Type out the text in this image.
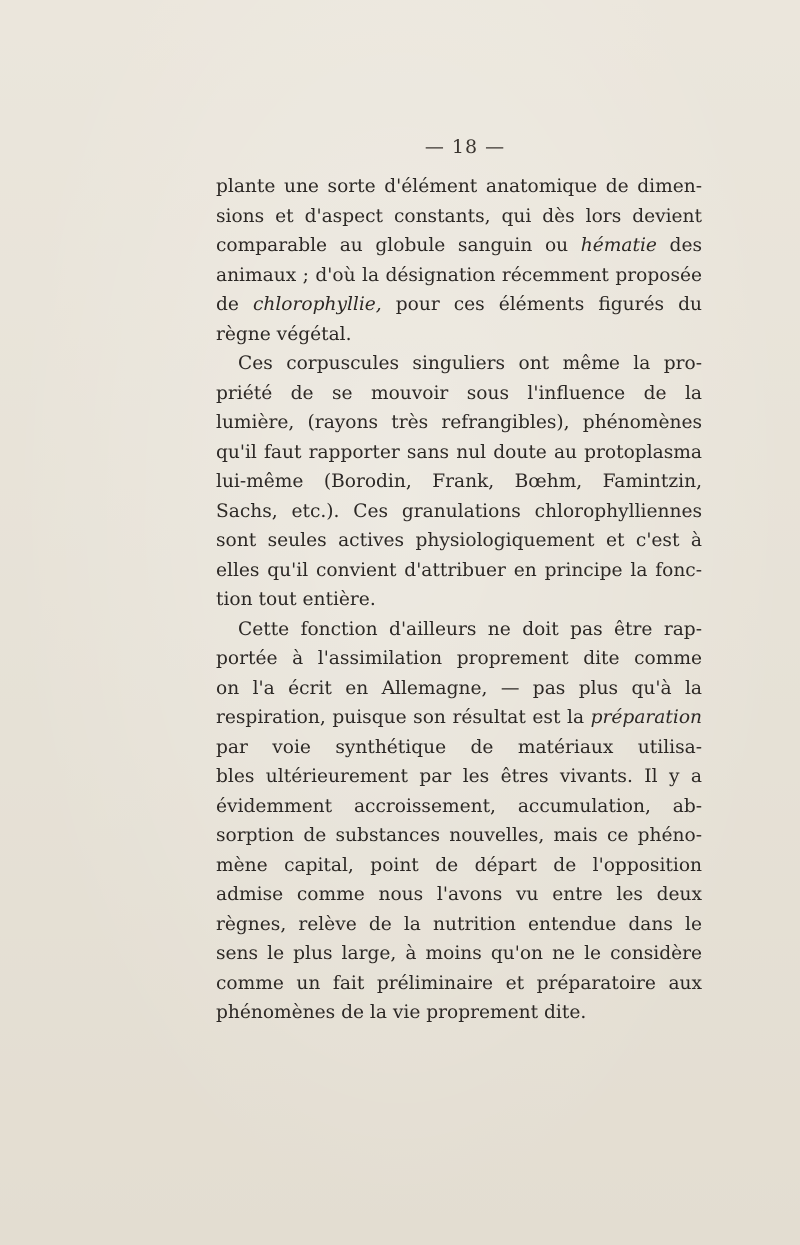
— 18 —

plante une sorte d'élément anatomique de dimen-
sions et d'aspect constants, qui dès lors devient
comparable au globule sanguin ou hématie des
animaux ; d'où la désignation récemment proposée
de chlorophyllie, pour ces éléments figurés du
règne végétal.

Ces corpuscules singuliers ont même la pro-
priété de se mouvoir sous l'influence de la
lumière, (rayons très refrangibles), phénomènes
qu'il faut rapporter sans nul doute au protoplasma
lui-même (Borodin, Frank, Bœhm, Famintzin,
Sachs, etc.). Ces granulations chlorophylliennes
sont seules actives physiologiquement et c'est à
elles qu'il convient d'attribuer en principe la fonc-
tion tout entière.

Cette fonction d'ailleurs ne doit pas être rap-
portée à l'assimilation proprement dite comme
on l'a écrit en Allemagne, — pas plus qu'à la
respiration, puisque son résultat est la préparation
par voie synthétique de matériaux utilisa-
bles ultérieurement par les êtres vivants. Il y a
évidemment accroissement, accumulation, ab-
sorption de substances nouvelles, mais ce phéno-
mène capital, point de départ de l'opposition
admise comme nous l'avons vu entre les deux
règnes, relève de la nutrition entendue dans le
sens le plus large, à moins qu'on ne le considère
comme un fait préliminaire et préparatoire aux
phénomènes de la vie proprement dite.
